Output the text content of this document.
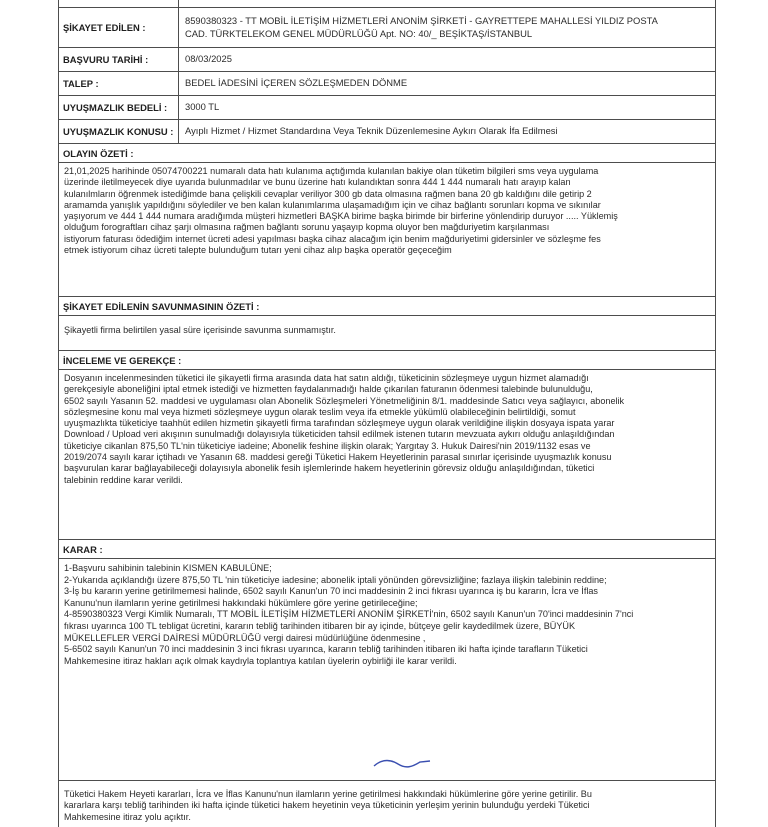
ŞİKAYET EDİLEN :
8590380323 - TT MOBİL İLETİŞİM HİZMETLERİ ANONİM ŞİRKETİ - GAYRETTEPE MAHALLESİ YILDIZ POSTA
CAD. TÜRKTELEKOM GENEL MÜDÜRLÜĞÜ Apt. NO: 40/_ BEŞİKTAŞ/İSTANBUL
BAŞVURU TARİHİ :	08/03/2025
TALEP :	BEDEL İADESİNİ İÇEREN SÖZLEŞMEDEN DÖNME
UYUŞMAZLIK BEDELİ :	3000 TL
UYUŞMAZLIK KONUSU :	Ayıplı Hizmet / Hizmet Standardına Veya Teknik Düzenlemesine Aykırı Olarak İfa Edilmesi
OLAYIN ÖZETİ :
21,01,2025 harihinde 05074700221 numaralı data hatı kulanıma açtığımda kulanılan bakiye olan tüketim bilgileri sms veya uygulama
üzerinde iletilmeyecek diye uyarıda bulunmadılar ve bunu üzerine hatı kulandıktan sonra 444 1 444 numaralı hatı arayıp kalan
kulanılmların öğrenmek istediğimde bana çelişkili cevaplar veriliyor 300 gb data olmasına rağmen bana 20 gb kaldığını dile getirip 2
aramamda yanışlık yapıldığını söylediler ve ben kalan kulanımlarıma ulaşamadığım için ve cihaz bağlantı sorunları kopma ve sıkınılar
yaşıyorum ve 444 1 444 numara aradığımda müşteri hizmetleri BAŞKA birime başka birimde bir birferine yönlendirip duruyor ..... Yüklemiş
olduğum forograftları cihaz şarjı olmasına rağmen bağlantı sorunu yaşayıp kopma oluyor ben mağduriyetim karşılanması
istiyorum faturası ödediğim internet ücreti adesi yapılması başka cihaz alacağım için benim mağduriyetimi gidersinler ve sözleşme fes
etmek istiyorum cihaz ücreti talepte bulunduğum tutarı yeni cihaz alıp başka operatör geçeceğim
ŞİKAYET EDİLENİN SAVUNMASININ ÖZETİ :
Şikayetli firma belirtilen yasal süre içerisinde savunma sunmamıştır.
İNCELEME VE GEREKÇE :
Dosyanın incelenmesinden tüketici ile şikayetli firma arasında data hat satın aldığı, tüketicinin sözleşmeye uygun hizmet alamadığı
gerekçesiyle aboneliğini iptal etmek istediği ve hizmetten faydalanmadığı halde çıkarılan faturanın ödenmesi talebinde bulunulduğu,
6502 sayılı Yasanın 52. maddesi ve uygulaması olan Abonelik Sözleşmeleri Yönetmeliğinin 8/1. maddesinde Satıcı veya sağlayıcı, abonelik
sözleşmesine konu mal veya hizmeti sözleşmeye uygun olarak teslim veya ifa etmekle yükümlü olabileceğinin belirtildiği, somut
uyuşmazlıkta tüketiciye taahhüt edilen hizmetin şikayetli firma tarafından sözleşmeye uygun olarak verildiğine ilişkin dosyaya ispata yarar
Download / Upload veri akışının sunulmadığı dolayısıyla tüketiciden tahsil edilmek istenen tutarın mevzuata aykırı olduğu anlaşıldığından
tüketiciye cikanlan 875,50 TL'nin tüketiciye iadeine; Abonelik feshine ilişkin olarak; Yargıtay 3. Hukuk Dairesi'nin 2019/1132 esas ve
2019/2074 sayılı karar içtihadı ve Yasanın 68. maddesi gereği Tüketici Hakem Heyetlerinin parasal sınırlar içerisinde uyuşmazlık konusu
başvurulan karar bağlayabileceği dolayısıyla abonelik fesih işlemlerinde hakem heyetlerinin görevsiz olduğu anlaşıldığından, tüketici
talebinin reddine karar verildi.
KARAR :
1-Başvuru sahibinin talebinin KISMEN KABULÜNE;
2-Yukarıda açıklandığı üzere 875,50 TL 'nin tüketiciye iadesine; abonelik iptali yönünden görevsizliğine; fazlaya ilişkin talebinin reddine;
3-İş bu kararın yerine getirilmemesi halinde, 6502 sayılı Kanun'un 70 inci maddesinin 2 inci fıkrası uyarınca iş bu kararın, İcra ve İflas
Kanunu'nun ilamların yerine getirilmesi hakkındaki hükümlere göre yerine getirileceğine;
4-8590380323 Vergi Kimlik Numaralı, TT MOBİL İLETİŞİM HİZMETLERİ ANONİM ŞİRKETİ'nin, 6502 sayılı Kanun'un 70'inci maddesinin 7'nci
fıkrası uyarınca 100 TL tebligat ücretini, kararın tebliğ tarihinden itibaren bir ay içinde, bütçeye gelir kaydedilmek üzere, BÜYÜK
MÜKELLEFLER VERGİ DAİRESİ MÜDÜRLÜĞÜ vergi dairesi müdürlüğüne ödenmesine ,
5-6502 sayılı Kanun'un 70 inci maddesinin 3 inci fıkrası uyarınca, kararın tebliğ tarihinden itibaren iki hafta içinde tarafların Tüketici
Mahkemesine itiraz hakları açık olmak kaydıyla toplantıya katılan üyelerin oybirliği ile karar verildi.
Tüketici Hakem Heyeti kararları, İcra ve İflas Kanunu'nun ilamların yerine getirilmesi hakkındaki hükümlerine göre yerine getirilir. Bu
kararlara karşı tebliğ tarihinden iki hafta içinde tüketici hakem heyetinin veya tüketicinin yerleşim yerinin bulunduğu yerdeki Tüketici
Mahkemesine itiraz yolu açıktır.
